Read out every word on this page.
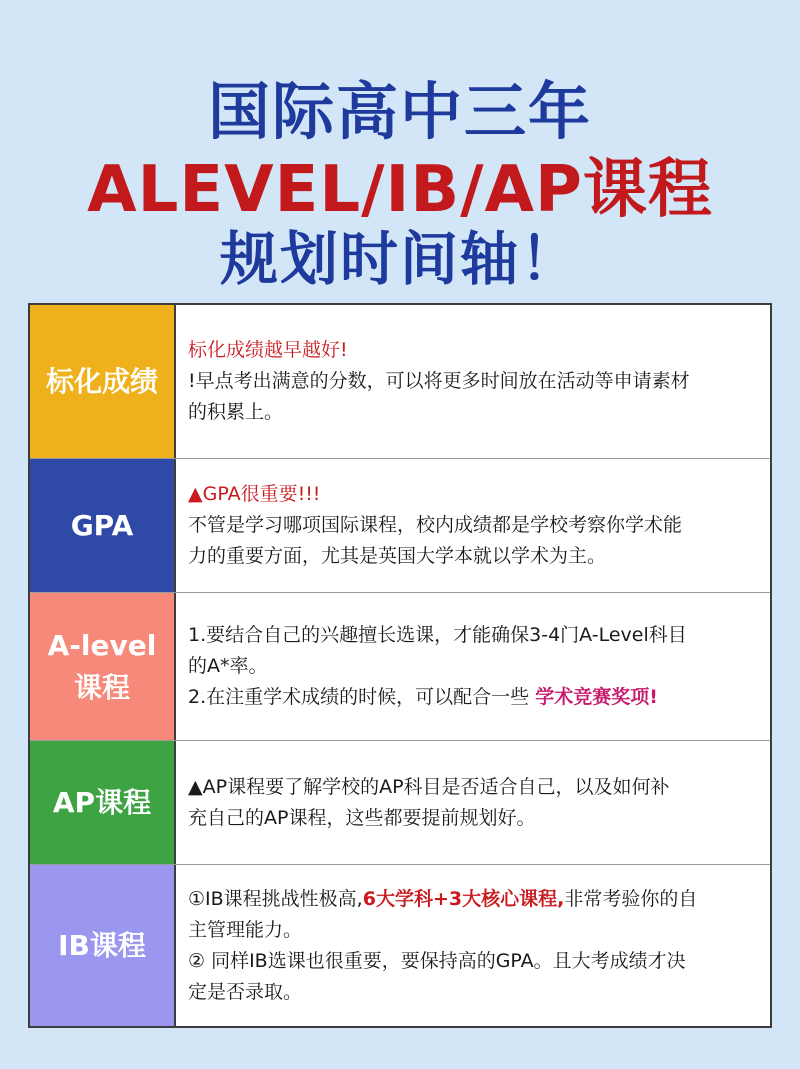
国际高中三年
ALEVEL/IB/AP课程
规划时间轴！
标化成绩
标化成绩越早越好!
!早点考出满意的分数，可以将更多时间放在活动等申请素材
的积累上。
GPA
▲GPA很重要!!!
不管是学习哪项国际课程，校内成绩都是学校考察你学术能
力的重要方面，尤其是英国大学本就以学术为主。
A-level
课程
1.要结合自己的兴趣擅长选课，才能确保3-4门A-Level科目
的A*率。
2.在注重学术成绩的时候，可以配合一些 学术竞赛奖项!
AP课程 ▲AP课程要了解学校的AP科目是否适合自己，以及如何补
充自己的AP课程，这些都要提前规划好。
IB课程
①IB课程挑战性极高,6大学科+3大核心课程,非常考验你的自
主管理能力。
② 同样IB选课也很重要，要保持高的GPA。且大考成绩才决
定是否录取。
